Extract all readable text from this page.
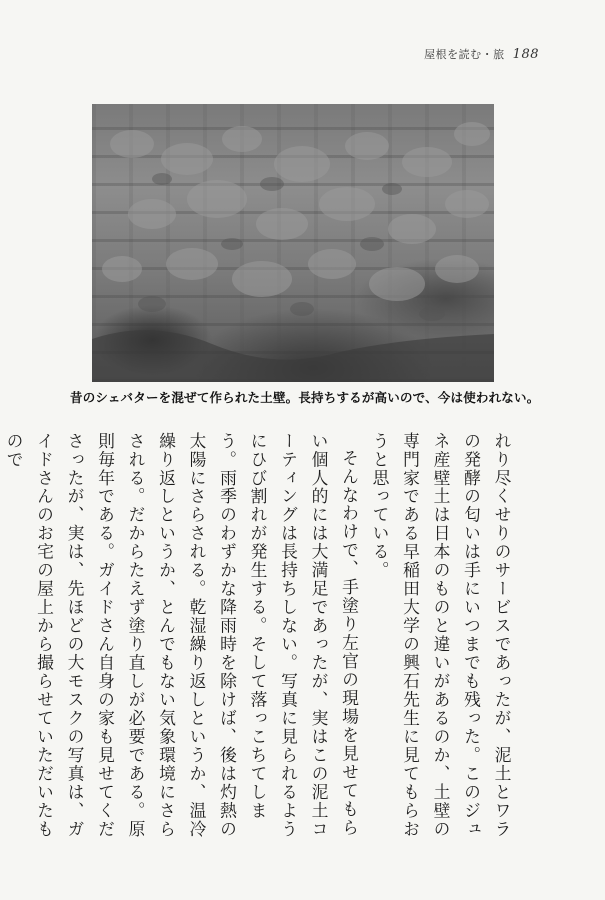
屋根を読む・旅 188
昔のシェバターを混ぜて作られた土壁。長持ちするが高いので、今は使われない。

れり尽くせりのサービスであったが、泥土とワラの発酵の匂いは手にいつまでも残った。このジュネ産壁土は日本のものと違いがあるのか、土壁の専門家である早稲田大学の興石先生に見てもらおうと思っている。

そんなわけで、手塗り左官の現場を見せてもらい個人的には大満足であったが、実はこの泥土コーティングは長持ちしない。写真に見られるようにひび割れが発生する。そして落っこちてしまう。雨季のわずかな降雨時を除けば、後は灼熱の太陽にさらされる。乾湿繰り返しというか、温冷繰り返しというか、とんでもない気象環境にさらされる。だからたえず塗り直しが必要である。原則毎年である。ガイドさん自身の家も見せてくださったが、実は、先ほどの大モスクの写真は、ガイドさんのお宅の屋上から撮らせていただいたもので
